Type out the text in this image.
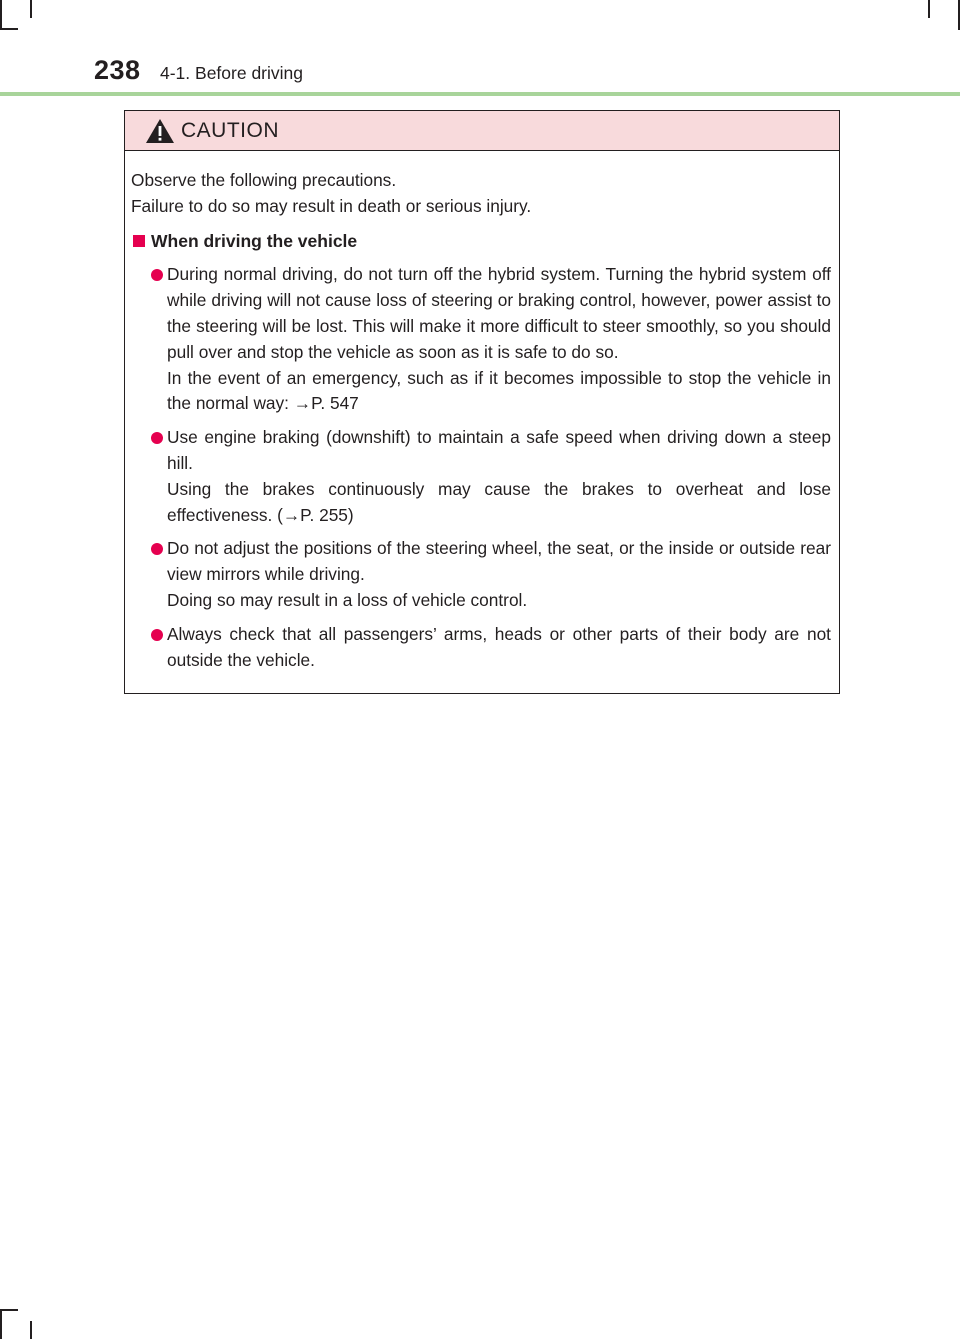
238 4-1. Before driving
CAUTION

Observe the following precautions.

Failure to do so may result in death or serious injury.

When driving the vehicle

During normal driving, do not turn off the hybrid system. Turning the hybrid system off while driving will not cause loss of steering or braking control, however, power assist to the steering will be lost. This will make it more difficult to steer smoothly, so you should pull over and stop the vehicle as soon as it is safe to do so.

In the event of an emergency, such as if it becomes impossible to stop the vehicle in the normal way: →P. 547

Use engine braking (downshift) to maintain a safe speed when driving down a steep hill.

Using the brakes continuously may cause the brakes to overheat and lose effectiveness. (→P. 255)

Do not adjust the positions of the steering wheel, the seat, or the inside or outside rear view mirrors while driving.

Doing so may result in a loss of vehicle control.

Always check that all passengers’ arms, heads or other parts of their body are not outside the vehicle.
